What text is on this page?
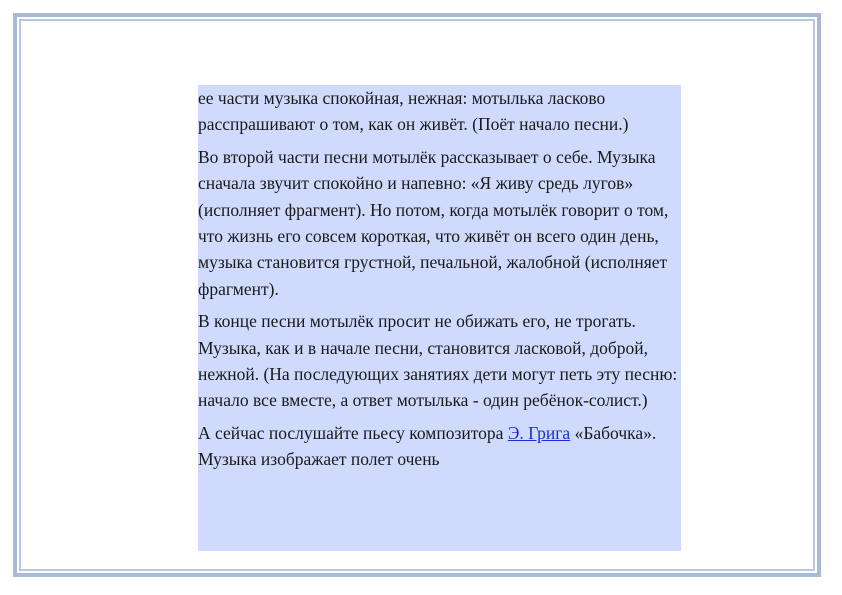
ее части музыка спокойная, нежная: мотылька ласково расспрашивают о том, как он живёт. (Поёт начало песни.)

Во второй части песни мотылёк рассказывает о себе. Музыка сначала звучит спокойно и напевно: «Я живу средь лугов» (исполняет фрагмент). Но потом, когда мотылёк говорит о том, что жизнь его совсем короткая, что живёт он всего один день, музыка становится грустной, печальной, жалобной (исполняет фрагмент).

В конце песни мотылёк просит не обижать его, не трогать. Музыка, как и в начале песни, становится ласковой, доброй, нежной. (На последующих занятиях дети могут петь эту песню: начало все вместе, а ответ мотылька - один ребёнок-солист.)

А сейчас послушайте пьесу композитора Э. Грига «Бабочка». Музыка изображает полет очень
